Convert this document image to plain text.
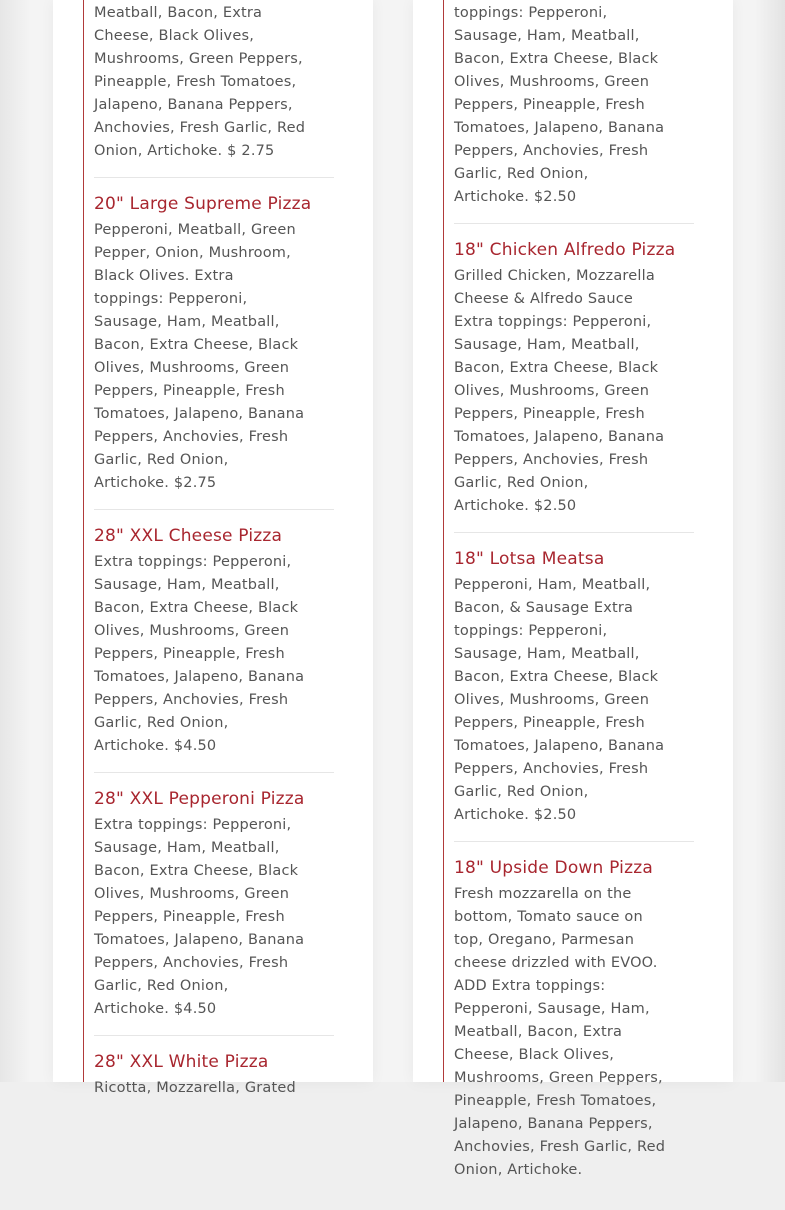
Meatball, Bacon, Extra Cheese, Black Olives, Mushrooms, Green Peppers, Pineapple, Fresh Tomatoes, Jalapeno, Banana Peppers, Anchovies, Fresh Garlic, Red Onion, Artichoke. $ 2.75

20" Large Supreme Pizza

Pepperoni, Meatball, Green Pepper, Onion, Mushroom, Black Olives. Extra toppings: Pepperoni, Sausage, Ham, Meatball, Bacon, Extra Cheese, Black Olives, Mushrooms, Green Peppers, Pineapple, Fresh Tomatoes, Jalapeno, Banana Peppers, Anchovies, Fresh Garlic, Red Onion, Artichoke. $2.75

28" XXL Cheese Pizza

Extra toppings: Pepperoni, Sausage, Ham, Meatball, Bacon, Extra Cheese, Black Olives, Mushrooms, Green Peppers, Pineapple, Fresh Tomatoes, Jalapeno, Banana Peppers, Anchovies, Fresh Garlic, Red Onion, Artichoke. $4.50

28" XXL Pepperoni Pizza

Extra toppings: Pepperoni, Sausage, Ham, Meatball, Bacon, Extra Cheese, Black Olives, Mushrooms, Green Peppers, Pineapple, Fresh Tomatoes, Jalapeno, Banana Peppers, Anchovies, Fresh Garlic, Red Onion, Artichoke. $4.50

28" XXL White Pizza

Ricotta, Mozzarella, Grated

toppings: Pepperoni, Sausage, Ham, Meatball, Bacon, Extra Cheese, Black Olives, Mushrooms, Green Peppers, Pineapple, Fresh Tomatoes, Jalapeno, Banana Peppers, Anchovies, Fresh Garlic, Red Onion, Artichoke. $2.50

18" Chicken Alfredo Pizza

Grilled Chicken, Mozzarella Cheese & Alfredo Sauce Extra toppings: Pepperoni, Sausage, Ham, Meatball, Bacon, Extra Cheese, Black Olives, Mushrooms, Green Peppers, Pineapple, Fresh Tomatoes, Jalapeno, Banana Peppers, Anchovies, Fresh Garlic, Red Onion, Artichoke. $2.50

18" Lotsa Meatsa

Pepperoni, Ham, Meatball, Bacon, & Sausage Extra toppings: Pepperoni, Sausage, Ham, Meatball, Bacon, Extra Cheese, Black Olives, Mushrooms, Green Peppers, Pineapple, Fresh Tomatoes, Jalapeno, Banana Peppers, Anchovies, Fresh Garlic, Red Onion, Artichoke. $2.50

18" Upside Down Pizza

Fresh mozzarella on the bottom, Tomato sauce on top, Oregano, Parmesan cheese drizzled with EVOO. ADD Extra toppings: Pepperoni, Sausage, Ham, Meatball, Bacon, Extra Cheese, Black Olives, Mushrooms, Green Peppers, Pineapple, Fresh Tomatoes, Jalapeno, Banana Peppers, Anchovies, Fresh Garlic, Red Onion, Artichoke.
